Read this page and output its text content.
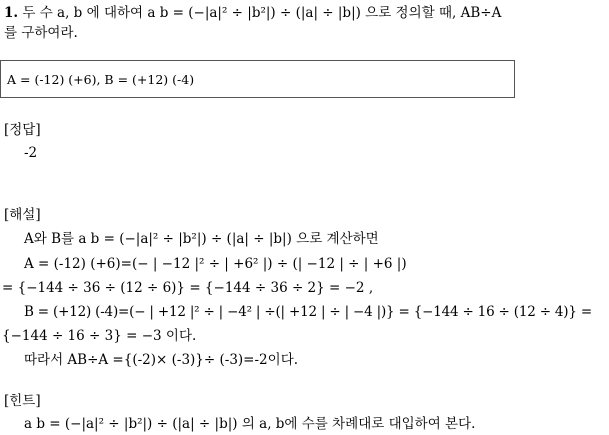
1. 두 수 a, b 에 대하여 a b = (−|a|² ÷ |b²|) ÷ (|a| ÷ |b|) 으로 정의할 때, AB÷A
를 구하여라.
A = (-12) (+6), B = (+12) (-4)
[정답]
-2
[해설]
A와 B를 a b = (−|a|² ÷ |b²|) ÷ (|a| ÷ |b|) 으로 계산하면
A = (-12) (+6)=(− | −12 |² ÷ | +6² |) ÷ (| −12 | ÷ | +6 |)
= {−144 ÷ 36 ÷ (12 ÷ 6)} = {−144 ÷ 36 ÷ 2} = −2 ,
B = (+12) (-4)=(− | +12 |² ÷ | −4² | ÷(| +12 | ÷ | −4 |)} = {−144 ÷ 16 ÷ (12 ÷ 4)} =
{−144 ÷ 16 ÷ 3} = −3 이다.
따라서 AB÷A ={(-2)× (-3)}÷ (-3)=-2이다.
[힌트]
a b = (−|a|² ÷ |b²|) ÷ (|a| ÷ |b|) 의 a, b에 수를 차례대로 대입하여 본다.
